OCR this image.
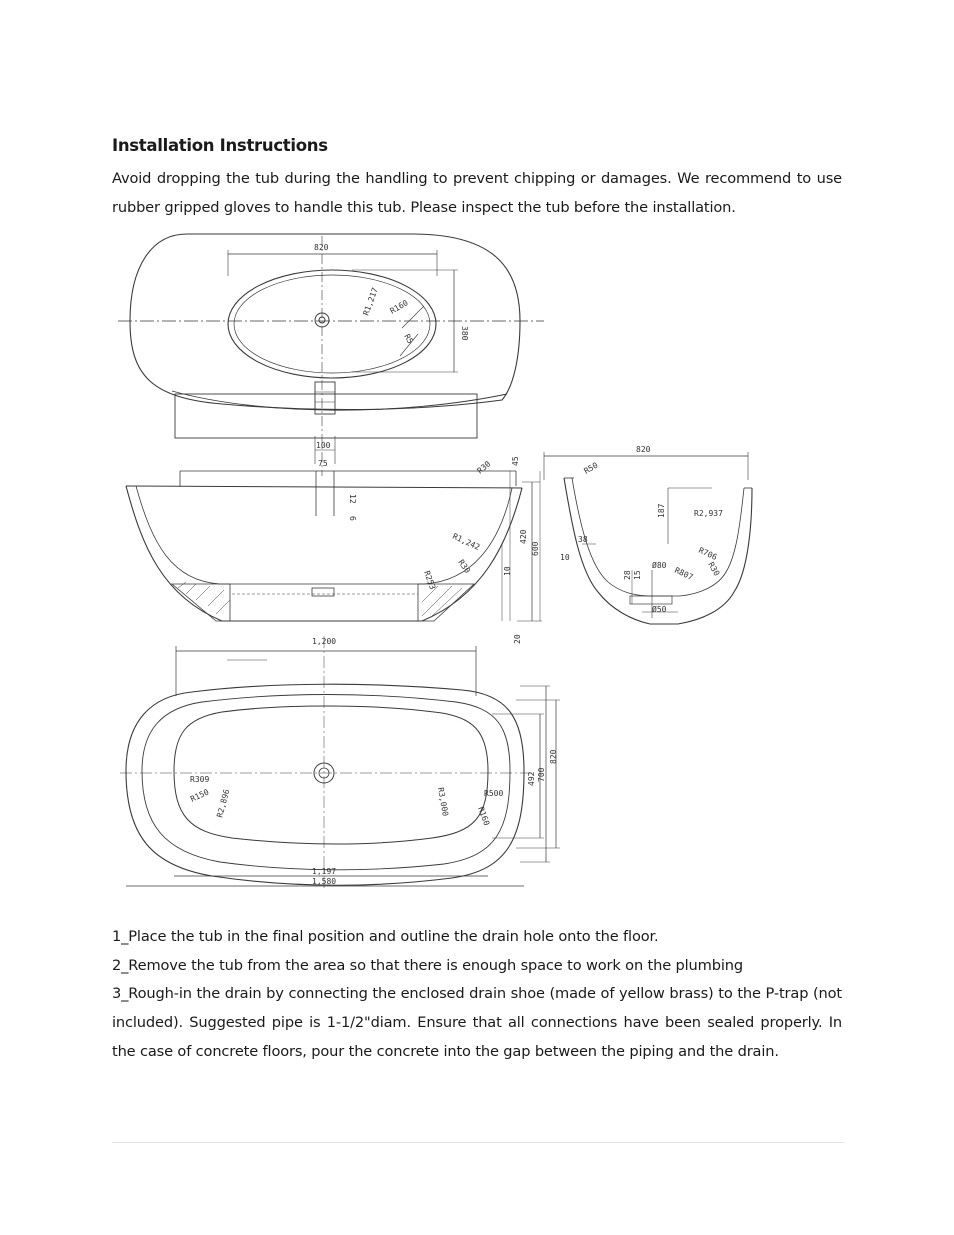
Installation Instructions
Avoid dropping the tub during the handling to prevent chipping or damages. We recommend to use rubber gripped gloves to handle this tub. Please inspect the tub before the installation.
820
R1,217 R160
R5	380
100
75
12
6
R30 45
420
600
R1,242
R253
R30	10
20
820
R50
187	R2,937
38
10	R706
R30
28 15
Ø80
R807
Ø50
1,200
R309
R150 R2,896	R3,000	R500
R160
492 700
820
1,197
1,580
1_Place the tub in the final position and outline the drain hole onto the floor.
2_Remove the tub from the area so that there is enough space to work on the plumbing
3_Rough-in the drain by connecting the enclosed drain shoe (made of yellow brass) to the P-trap (not included). Suggested pipe is 1-1/2"diam. Ensure that all connections have been sealed properly. In the case of concrete floors, pour the concrete into the gap between the piping and the drain.
